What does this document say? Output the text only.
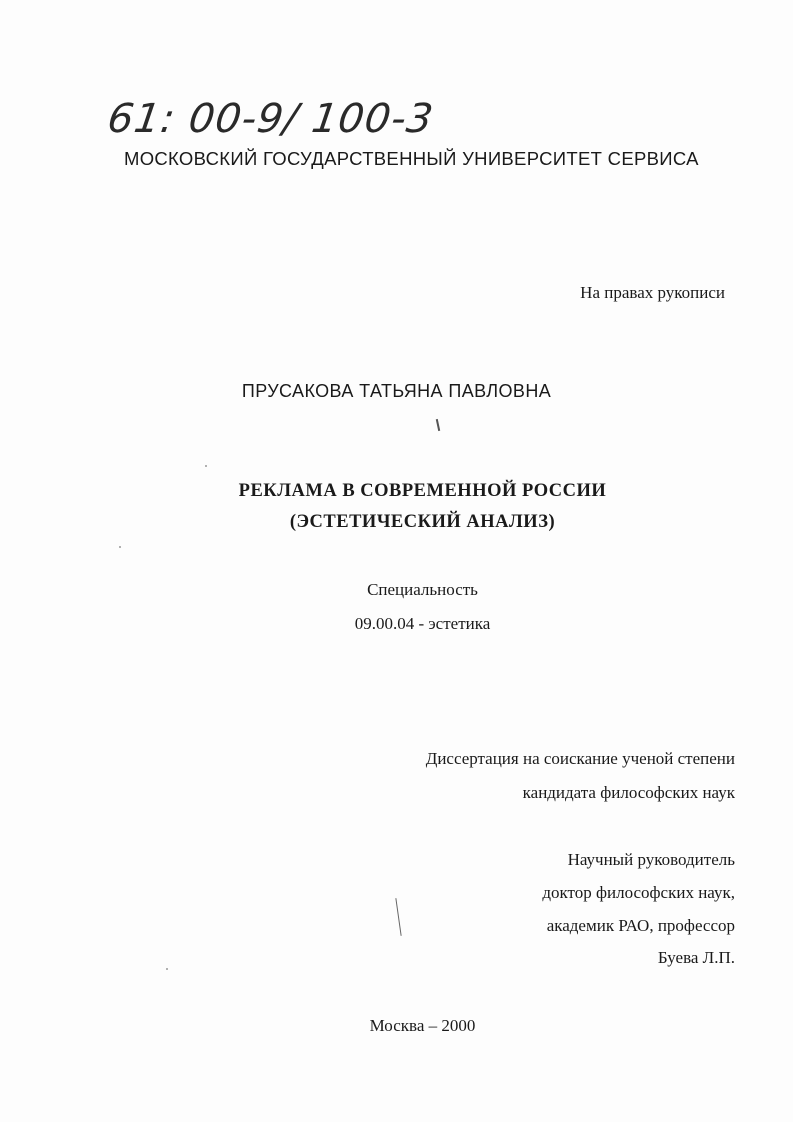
61: 00-9/ 100-3
МОСКОВСКИЙ ГОСУДАРСТВЕННЫЙ УНИВЕРСИТЕТ СЕРВИСА
На правах рукописи
ПРУСАКОВА ТАТЬЯНА ПАВЛОВНА
РЕКЛАМА В СОВРЕМЕННОЙ РОССИИ
(ЭСТЕТИЧЕСКИЙ АНАЛИЗ)
Специальность
09.00.04 - эстетика
Диссертация на соискание ученой степени
кандидата философских наук
Научный руководитель
доктор философских наук,
академик РАО, профессор
Буева Л.П.
Москва – 2000
